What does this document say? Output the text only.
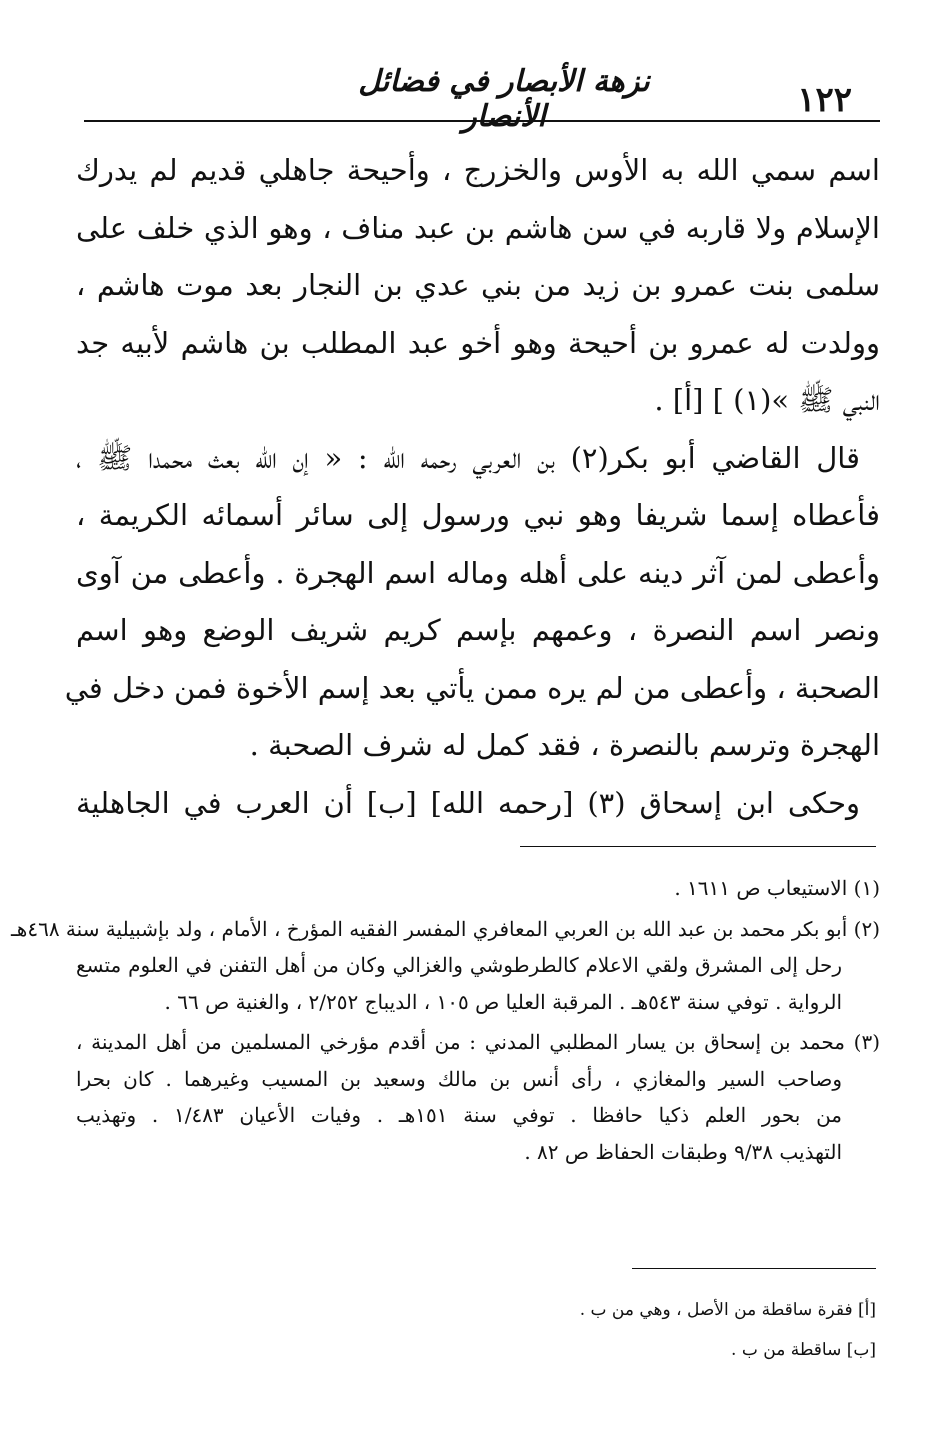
نزهة الأبصار في فضائل الأنصار	١٢٢
اسم سمي الله به الأوس والخزرج ، وأحيحة جاهلي قديم لم يدرك
الإسلام ولا قاربه في سن هاشم بن عبد مناف ، وهو الذي خلف على
سلمى بنت عمرو بن زيد من بني عدي بن النجار بعد موت هاشم ،
وولدت له عمرو بن أحيحة وهو أخو عبد المطلب بن هاشم لأبيه جد
النبي ﷺ »(١) ] [أ] .
قال القاضي أبو بكر(٢) بن العربي رحمه الله : « إن الله بعث محمدا ﷺ ،
فأعطاه إسما شريفا وهو نبي ورسول إلى سائر أسمائه الكريمة ،
وأعطى لمن آثر دينه على أهله وماله اسم الهجرة . وأعطى من آوى
ونصر اسم النصرة ، وعمهم بإسم كريم شريف الوضع وهو اسم
الصحبة ، وأعطى من لم يره ممن يأتي بعد إسم الأخوة فمن دخل في
الهجرة وترسم بالنصرة ، فقد كمل له شرف الصحبة .
وحكى ابن إسحاق (٣) [رحمه الله] [ب] أن العرب في الجاهلية
(١) الاستيعاب ص ١٦١١ .
(٢) أبو بكر محمد بن عبد الله بن العربي المعافري المفسر الفقيه المؤرخ ، الأمام ، ولد بإشبيلية سنة ٤٦٨هـ
رحل إلى المشرق ولقي الاعلام كالطرطوشي والغزالي وكان من أهل التفنن في العلوم متسع
الرواية . توفي سنة ٥٤٣هـ . المرقبة العليا ص ١٠٥ ، الديباج ٢/٢٥٢ ، والغنية ص ٦٦ .
(٣) محمد بن إسحاق بن يسار المطلبي المدني : من أقدم مؤرخي المسلمين من أهل المدينة ،
وصاحب السير والمغازي ، رأى أنس بن مالك وسعيد بن المسيب وغيرهما . كان بحرا
من بحور العلم ذكيا حافظا . توفي سنة ١٥١هـ . وفيات الأعيان ١/٤٨٣ . وتهذيب
التهذيب ٩/٣٨ وطبقات الحفاظ ص ٨٢ .
[أ] فقرة ساقطة من الأصل ، وهي من ب .
[ب] ساقطة من ب .
